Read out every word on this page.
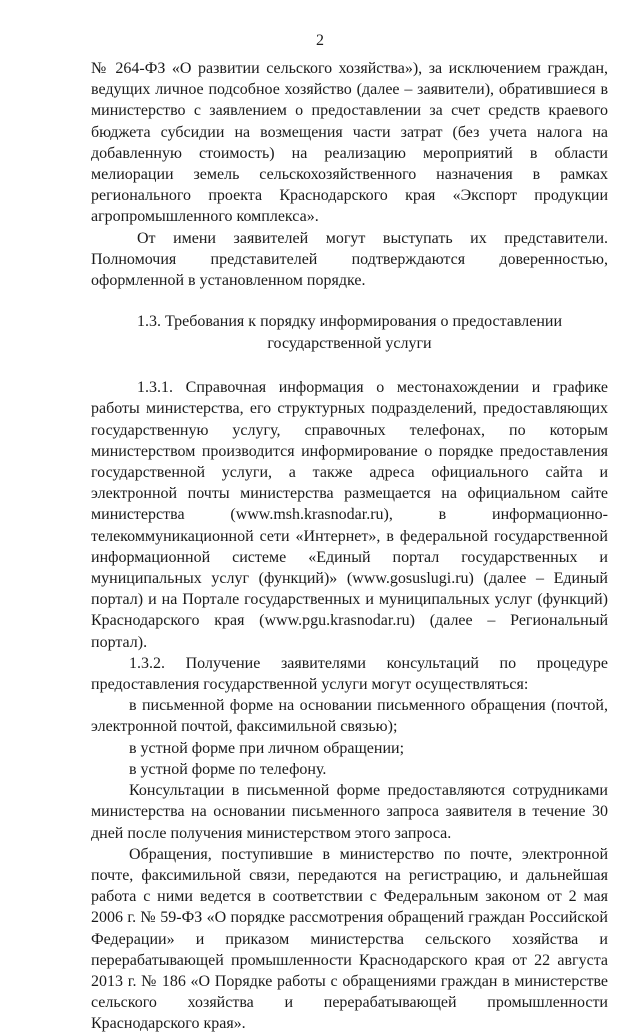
2

№ 264-ФЗ «О развитии сельского хозяйства»), за исключением граждан, ведущих личное подсобное хозяйство (далее – заявители), обратившиеся в министерство с заявлением о предоставлении за счет средств краевого бюджета субсидии на возмещения части затрат (без учета налога на добавленную стоимость) на реализацию мероприятий в области мелиорации земель сельскохозяйственного назначения в рамках регионального проекта Краснодарского края «Экспорт продукции агропромышленного комплекса».

От имени заявителей могут выступать их представители. Полномочия представителей подтверждаются доверенностью, оформленной в установленном порядке.

1.3. Требования к порядку информирования о предоставлении государственной услуги

1.3.1. Справочная информация о местонахождении и графике работы министерства, его структурных подразделений, предоставляющих государственную услугу, справочных телефонах, по которым министерством производится информирование о порядке предоставления государственной услуги, а также адреса официального сайта и электронной почты министерства размещается на официальном сайте министерства (www.msh.krasnodar.ru), в информационно-телекоммуникационной сети «Интернет», в федеральной государственной информационной системе «Единый портал государственных и муниципальных услуг (функций)» (www.gosuslugi.ru) (далее – Единый портал) и на Портале государственных и муниципальных услуг (функций) Краснодарского края (www.pgu.krasnodar.ru) (далее – Региональный портал).

1.3.2. Получение заявителями консультаций по процедуре предоставления государственной услуги могут осуществляться:

в письменной форме на основании письменного обращения (почтой, электронной почтой, факсимильной связью);

в устной форме при личном обращении;

в устной форме по телефону.

Консультации в письменной форме предоставляются сотрудниками министерства на основании письменного запроса заявителя в течение 30 дней после получения министерством этого запроса.

Обращения, поступившие в министерство по почте, электронной почте, факсимильной связи, передаются на регистрацию, и дальнейшая работа с ними ведется в соответствии с Федеральным законом от 2 мая 2006 г. № 59-ФЗ «О порядке рассмотрения обращений граждан Российской Федерации» и приказом министерства сельского хозяйства и перерабатывающей промышленности Краснодарского края от 22 августа 2013 г. № 186 «О Порядке работы с обращениями граждан в министерстве сельского хозяйства и перерабатывающей промышленности Краснодарского края».
